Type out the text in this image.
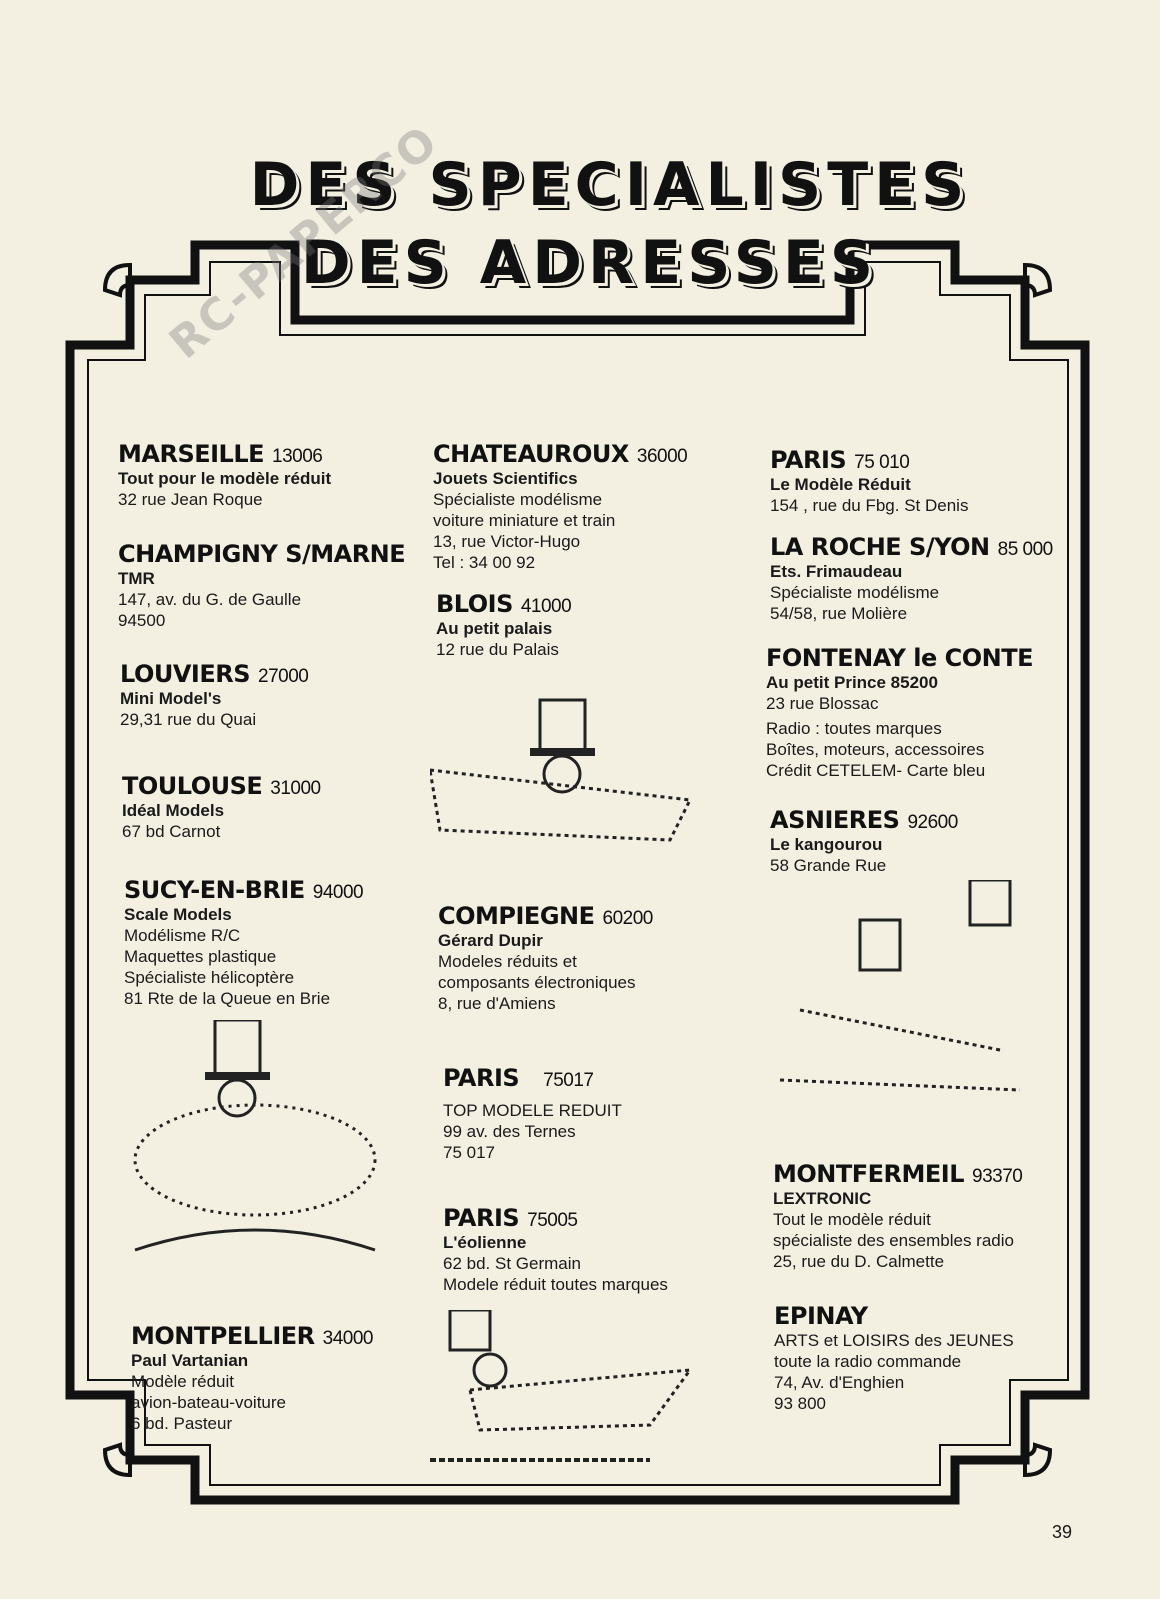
DES SPECIALISTES
DES ADRESSES
RC-PAPERCO
MARSEILLE 13006
Tout pour le modèle réduit
32 rue Jean Roque
CHAMPIGNY S/MARNE
TMR
147, av. du G. de Gaulle
94500
LOUVIERS 27000
Mini Model's
29,31 rue du Quai
TOULOUSE 31000
Idéal Models
67 bd Carnot
SUCY-EN-BRIE 94000
Scale Models
Modélisme R/C
Maquettes plastique
Spécialiste hélicoptère
81 Rte de la Queue en Brie
MONTPELLIER 34000
Paul Vartanian
Modèle réduit
avion-bateau-voiture
6 bd. Pasteur
CHATEAUROUX 36000
Jouets Scientifics
Spécialiste modélisme
voiture miniature et train
13, rue Victor-Hugo
Tel : 34 00 92
BLOIS 41000
Au petit palais
12 rue du Palais
COMPIEGNE 60200
Gérard Dupir
Modeles réduits et
composants électroniques
8, rue d'Amiens
PARIS 75017
TOP MODELE REDUIT
99 av. des Ternes
75 017
PARIS 75005
L'éolienne
62 bd. St Germain
Modele réduit toutes marques
PARIS 75 010
Le Modèle Réduit
154 , rue du Fbg. St Denis
LA ROCHE S/YON 85 000
Ets. Frimaudeau
Spécialiste modélisme
54/58, rue Molière
FONTENAY le CONTE
Au petit Prince 85200
23 rue Blossac
Radio : toutes marques
Boîtes, moteurs, accessoires
Crédit CETELEM- Carte bleu
ASNIERES 92600
Le kangourou
58 Grande Rue
MONTFERMEIL 93370
LEXTRONIC
Tout le modèle réduit
spécialiste des ensembles radio
25, rue du D. Calmette
EPINAY
ARTS et LOISIRS des JEUNES
toute la radio commande
74, Av. d'Enghien
93 800
39
